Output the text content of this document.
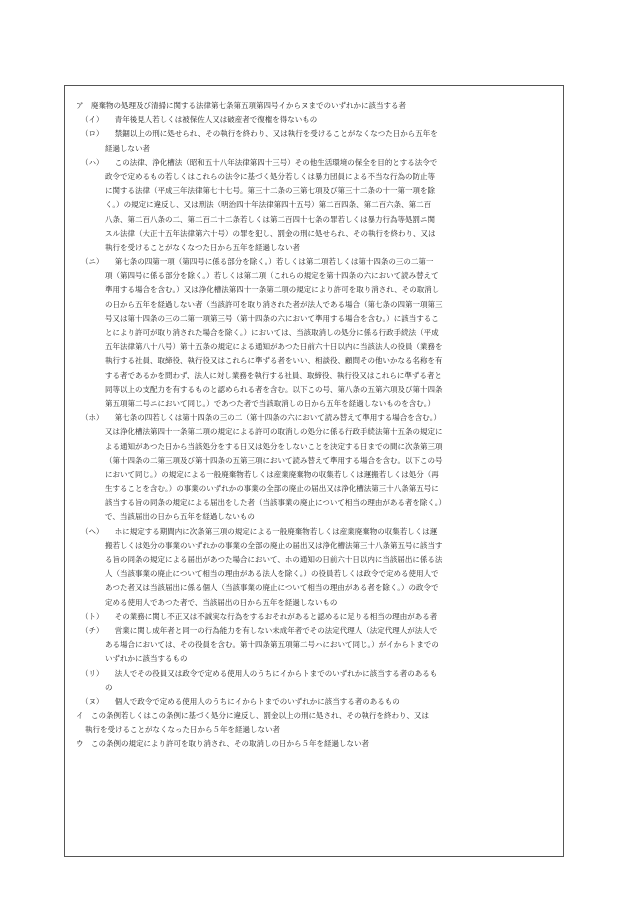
ア　廃棄物の処理及び清掃に関する法律第七条第五項第四号イからヌまでのいずれかに該当する者
（イ）　　青年後見人若しくは被保佐人又は破産者で復権を得ないもの
（ロ）　　禁錮以上の刑に処せられ、その執行を終わり、又は執行を受けることがなくなつた日から五年を
経過しない者
（ハ）　　この法律、浄化槽法（昭和五十八年法律第四十三号）その他生活環境の保全を目的とする法令で
政令で定めるもの若しくはこれらの法令に基づく処分若しくは暴力団員による不当な行為の防止等
に関する法律（平成三年法律第七十七号。第三十二条の三第七項及び第三十二条の十一第一項を除
く。）の規定に違反し、又は刑法（明治四十年法律第四十五号）第二百四条、第二百六条、第二百
八条、第二百八条の二、第二百二十二条若しくは第二百四十七条の罪若しくは暴力行為等処罰ニ関
スル法律（大正十五年法律第六十号）の罪を犯し、罰金の刑に処せられ、その執行を終わり、又は
執行を受けることがなくなつた日から五年を経過しない者
（ニ）　　第七条の四第一項（第四号に係る部分を除く。）若しくは第二項若しくは第十四条の三の二第一
項（第四号に係る部分を除く。）若しくは第二項（これらの規定を第十四条の六において読み替えて
準用する場合を含む。）又は浄化槽法第四十一条第二項の規定により許可を取り消され、その取消し
の日から五年を経過しない者（当該許可を取り消された者が法人である場合（第七条の四第一項第三
号又は第十四条の三の二第一項第三号（第十四条の六において準用する場合を含む。）に該当するこ
とにより許可が取り消された場合を除く。）においては、当該取消しの処分に係る行政手続法（平成
五年法律第八十八号）第十五条の規定による通知があつた日前六十日以内に当該法人の役員（業務を
執行する社員、取締役、執行役又はこれらに準ずる者をいい、相談役、顧問その他いかなる名称を有
する者であるかを問わず、法人に対し業務を執行する社員、取締役、執行役又はこれらに準ずる者と
同等以上の支配力を有するものと認められる者を含む。以下この号、第八条の五第六項及び第十四条
第五項第二号ニにおいて同じ。）であつた者で当該取消しの日から五年を経過しないものを含む。）
（ホ）　　第七条の四若しくは第十四条の三の二（第十四条の六において読み替えて準用する場合を含む。）
又は浄化槽法第四十一条第二項の規定による許可の取消しの処分に係る行政手続法第十五条の規定に
よる通知があつた日から当該処分をする日又は処分をしないことを決定する日までの間に次条第三項
（第十四条の二第三項及び第十四条の五第三項において読み替えて準用する場合を含む。以下この号
において同じ。）の規定による一般廃棄物若しくは産業廃棄物の収集若しくは運搬若しくは処分（再
生することを含む。）の事業のいずれかの事業の全部の廃止の届出又は浄化槽法第三十八条第五号に
該当する旨の同条の規定による届出をした者（当該事業の廃止について相当の理由がある者を除く。）
で、当該届出の日から五年を経過しないもの
（ヘ）　　ホに規定する期間内に次条第三項の規定による一般廃棄物若しくは産業廃棄物の収集若しくは運
搬若しくは処分の事業のいずれかの事業の全部の廃止の届出又は浄化槽法第三十八条第五号に該当す
る旨の同条の規定による届出があつた場合において、ホの通知の日前六十日以内に当該届出に係る法
人（当該事業の廃止について相当の理由がある法人を除く。）の役員若しくは政令で定める使用人で
あつた者又は当該届出に係る個人（当該事業の廃止について相当の理由がある者を除く。）の政令で
定める使用人であつた者で、当該届出の日から五年を経過しないもの
（ト）　　その業務に関し不正又は不誠実な行為をするおそれがあると認めるに足りる相当の理由がある者
（チ）　　営業に関し成年者と同一の行為能力を有しない未成年者でその法定代理人（法定代理人が法人で
ある場合においては、その役員を含む。第十四条第五項第二号ハにおいて同じ。）がイからトまでの
いずれかに該当するもの
（リ）　　法人でその役員又は政令で定める使用人のうちにイからトまでのいずれかに該当する者のあるも
の
（ヌ）　　個人で政令で定める使用人のうちにイからトまでのいずれかに該当する者のあるもの
イ　この条例若しくはこの条例に基づく処分に違反し、罰金以上の刑に処され、その執行を終わり、又は
執行を受けることがなくなった日から５年を経過しない者
ウ　この条例の規定により許可を取り消され、その取消しの日から５年を経過しない者
